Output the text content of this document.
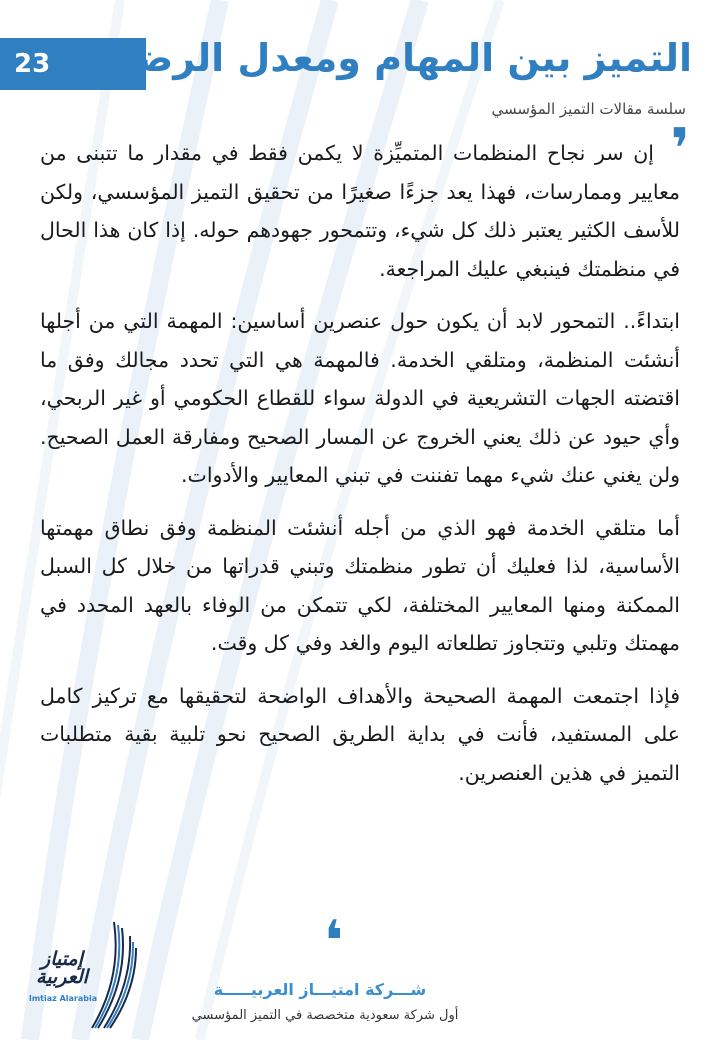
23 التميز بين المهام ومعدل الرضا ..
سلسة مقالات التميز المؤسسي
❜

إن سر نجاح المنظمات المتميِّزة لا يكمن فقط في مقدار ما تتبنى من معايير وممارسات، فهذا يعد جزءًا صغيرًا من تحقيق التميز المؤسسي، ولكن للأسف الكثير يعتبر ذلك كل شيء، وتتمحور جهودهم حوله. إذا كان هذا الحال في منظمتك فينبغي عليك المراجعة.

ابتداءً.. التمحور لابد أن يكون حول عنصرين أساسين: المهمة التي من أجلها أنشئت المنظمة، ومتلقي الخدمة. فالمهمة هي التي تحدد مجالك وفق ما اقتضته الجهات التشريعية في الدولة سواء للقطاع الحكومي أو غير الربحي، وأي حيود عن ذلك يعني الخروج عن المسار الصحيح ومفارقة العمل الصحيح. ولن يغني عنك شيء مهما تفننت في تبني المعايير والأدوات.

أما متلقي الخدمة فهو الذي من أجله أنشئت المنظمة وفق نطاق مهمتها الأساسية، لذا فعليك أن تطور منظمتك وتبني قدراتها من خلال كل السبل الممكنة ومنها المعايير المختلفة، لكي تتمكن من الوفاء بالعهد المحدد في مهمتك وتلبي وتتجاوز تطلعاته اليوم والغد وفي كل وقت.

فإذا اجتمعت المهمة الصحيحة والأهداف الواضحة لتحقيقها مع تركيز كامل على المستفيد، فأنت في بداية الطريق الصحيح نحو تلبية بقية متطلبات التميز في هذين العنصرين.

❛
إمتياز العربية
Imtiaz Alarabia	شـــركة امتيـــاز العربيـــــة
أول شركة سعودية متخصصة في التميز المؤسسي
